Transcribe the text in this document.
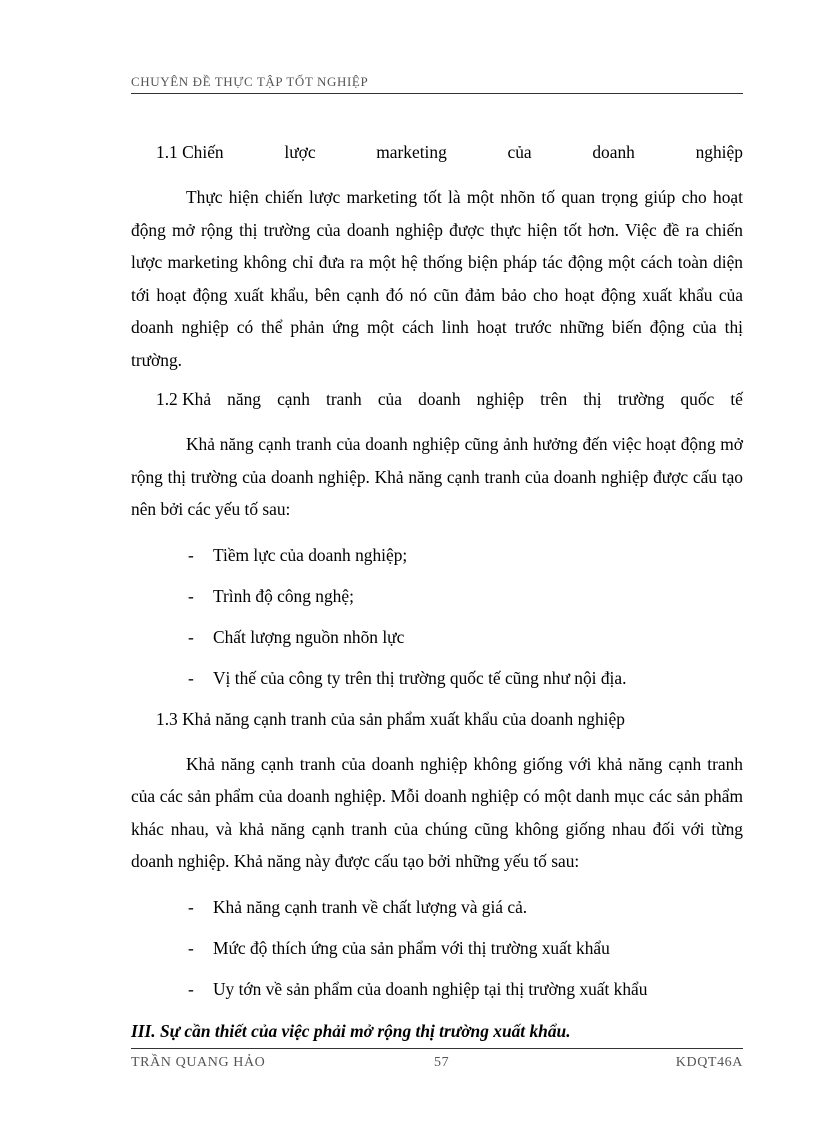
CHUYÊN ĐỀ THỰC TẬP TỐT NGHIỆP
1.1 Chiến	lược	marketing	của	doanh	nghiệp

Thực hiện chiến lược marketing tốt là một nhõn tố quan trọng giúp cho hoạt động mở rộng thị trường của doanh nghiệp được thực hiện tốt hơn. Việc đề ra chiến lược marketing không chỉ đưa ra một hệ thống biện pháp tác động một cách toàn diện tới hoạt động xuất khẩu, bên cạnh đó nó cũn đảm bảo cho hoạt động xuất khẩu của doanh nghiệp có thể phản ứng một cách linh hoạt trước những biến động của thị trường.

1.2 Khả năng cạnh tranh của doanh nghiệp trên thị trường quốc tế

Khả năng cạnh tranh của doanh nghiệp cũng ảnh hưởng đến việc hoạt động mở rộng thị trường của doanh nghiệp. Khả năng cạnh tranh của doanh nghiệp được cấu tạo nên bởi các yếu tố sau:

- Tiềm lực của doanh nghiệp;
- Trình độ công nghệ;
- Chất lượng nguồn nhõn lực
- Vị thế của công ty trên thị trường quốc tế cũng như nội địa.
1.3 Khả năng cạnh tranh của sản phẩm xuất khẩu của doanh nghiệp

Khả năng cạnh tranh của doanh nghiệp không giống với khả năng cạnh tranh của các sản phẩm của doanh nghiệp. Mỗi doanh nghiệp có một danh mục các sản phẩm khác nhau, và khả năng cạnh tranh của chúng cũng không giống nhau đối với từng doanh nghiệp. Khả năng này được cấu tạo bởi những yếu tố sau:

- Khả năng cạnh tranh về chất lượng và giá cả.
- Mức độ thích ứng của sản phẩm với thị trường xuất khẩu
- Uy tớn về sản phẩm của doanh nghiệp tại thị trường xuất khẩu
III. Sự cần thiết của việc phải mở rộng thị trường xuất khẩu.
TRẦN QUANG HẢO	57	KDQT46A
